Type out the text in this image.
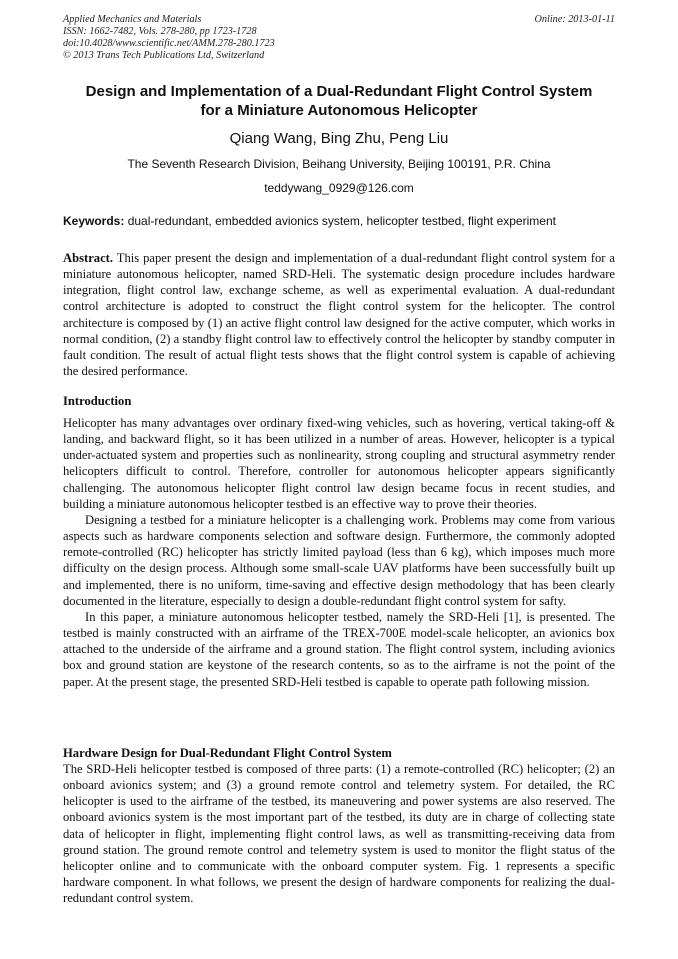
Applied Mechanics and Materials
ISSN: 1662-7482, Vols. 278-280, pp 1723-1728
doi:10.4028/www.scientific.net/AMM.278-280.1723
© 2013 Trans Tech Publications Ltd, Switzerland
Online: 2013-01-11
Design and Implementation of a Dual-Redundant Flight Control System
for a Miniature Autonomous Helicopter
Qiang Wang, Bing Zhu, Peng Liu
The Seventh Research Division, Beihang University, Beijing 100191, P.R. China
teddywang_0929@126.com
Keywords: dual-redundant, embedded avionics system, helicopter testbed, flight experiment

Abstract. This paper present the design and implementation of a dual-redundant flight control system for a miniature autonomous helicopter, named SRD-Heli. The systematic design procedure includes hardware integration, flight control law, exchange scheme, as well as experimental evaluation. A dual-redundant control architecture is adopted to construct the flight control system for the helicopter. The control architecture is composed by (1) an active flight control law designed for the active computer, which works in normal condition, (2) a standby flight control law to effectively control the helicopter by standby computer in fault condition. The result of actual flight tests shows that the flight control system is capable of achieving the desired performance.

Introduction

Helicopter has many advantages over ordinary fixed-wing vehicles, such as hovering, vertical taking-off & landing, and backward flight, so it has been utilized in a number of areas. However, helicopter is a typical under-actuated system and properties such as nonlinearity, strong coupling and structural asymmetry render helicopters difficult to control. Therefore, controller for autonomous helicopter appears significantly challenging. The autonomous helicopter flight control law design became focus in recent studies, and building a miniature autonomous helicopter testbed is an effective way to prove their theories.

Designing a testbed for a miniature helicopter is a challenging work. Problems may come from various aspects such as hardware components selection and software design. Furthermore, the commonly adopted remote-controlled (RC) helicopter has strictly limited payload (less than 6 kg), which imposes much more difficulty on the design process. Although some small-scale UAV platforms have been successfully built up and implemented, there is no uniform, time-saving and effective design methodology that has been clearly documented in the literature, especially to design a double-redundant flight control system for safty.

In this paper, a miniature autonomous helicopter testbed, namely the SRD-Heli [1], is presented. The testbed is mainly constructed with an airframe of the TREX-700E model-scale helicopter, an avionics box attached to the underside of the airframe and a ground station. The flight control system, including avionics box and ground station are keystone of the research contents, so as to the airframe is not the point of the paper. At the present stage, the presented SRD-Heli testbed is capable to operate path following mission.

Hardware Design for Dual-Redundant Flight Control System

The SRD-Heli helicopter testbed is composed of three parts: (1) a remote-controlled (RC) helicopter; (2) an onboard avionics system; and (3) a ground remote control and telemetry system. For detailed, the RC helicopter is used to the airframe of the testbed, its maneuvering and power systems are also reserved. The onboard avionics system is the most important part of the testbed, its duty are in charge of collecting state data of helicopter in flight, implementing flight control laws, as well as transmitting-receiving data from ground station. The ground remote control and telemetry system is used to monitor the flight status of the helicopter online and to communicate with the onboard computer system. Fig. 1 represents a specific hardware component. In what follows, we present the design of hardware components for realizing the dual-redundant control system.
